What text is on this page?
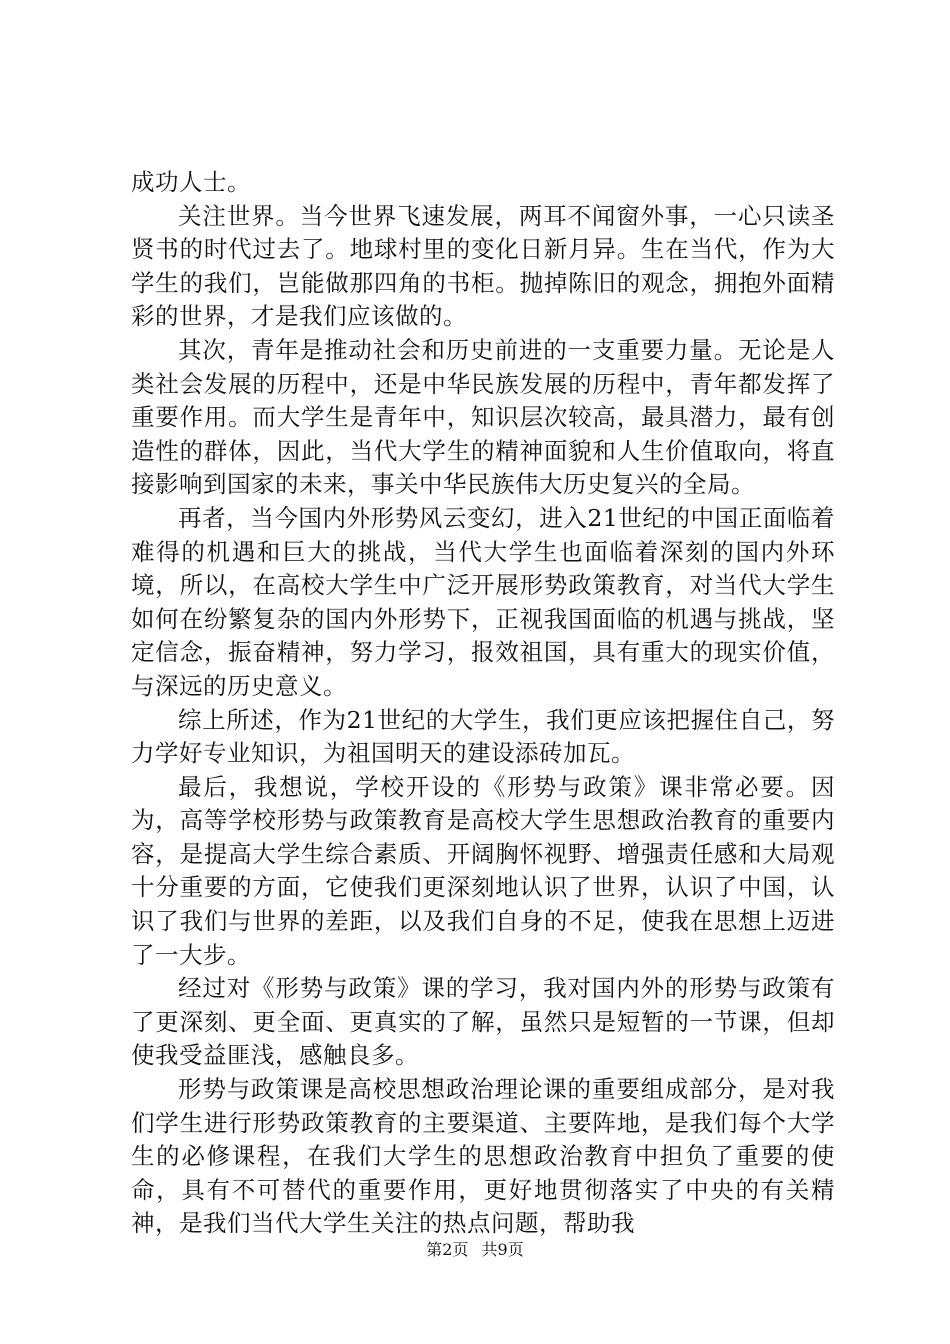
成功人士。

关注世界。当今世界飞速发展，两耳不闻窗外事，一心只读圣贤书的时代过去了。地球村里的变化日新月异。生在当代，作为大学生的我们，岂能做那四角的书柜。抛掉陈旧的观念，拥抱外面精彩的世界，才是我们应该做的。

其次，青年是推动社会和历史前进的一支重要力量。无论是人类社会发展的历程中，还是中华民族发展的历程中，青年都发挥了重要作用。而大学生是青年中，知识层次较高，最具潜力，最有创造性的群体，因此，当代大学生的精神面貌和人生价值取向，将直接影响到国家的未来，事关中华民族伟大历史复兴的全局。

再者，当今国内外形势风云变幻，进入21世纪的中国正面临着难得的机遇和巨大的挑战，当代大学生也面临着深刻的国内外环境，所以，在高校大学生中广泛开展形势政策教育，对当代大学生如何在纷繁复杂的国内外形势下，正视我国面临的机遇与挑战，坚定信念，振奋精神，努力学习，报效祖国，具有重大的现实价值，与深远的历史意义。

综上所述，作为21世纪的大学生，我们更应该把握住自己，努力学好专业知识，为祖国明天的建设添砖加瓦。

最后，我想说，学校开设的《形势与政策》课非常必要。因为，高等学校形势与政策教育是高校大学生思想政治教育的重要内容，是提高大学生综合素质、开阔胸怀视野、增强责任感和大局观十分重要的方面，它使我们更深刻地认识了世界，认识了中国，认识了我们与世界的差距，以及我们自身的不足，使我在思想上迈进了一大步。

经过对《形势与政策》课的学习，我对国内外的形势与政策有了更深刻、更全面、更真实的了解，虽然只是短暂的一节课，但却使我受益匪浅，感触良多。

形势与政策课是高校思想政治理论课的重要组成部分，是对我们学生进行形势政策教育的主要渠道、主要阵地，是我们每个大学生的必修课程，在我们大学生的思想政治教育中担负了重要的使命，具有不可替代的重要作用，更好地贯彻落实了中央的有关精神，是我们当代大学生关注的热点问题，帮助我

第2页 共9页
